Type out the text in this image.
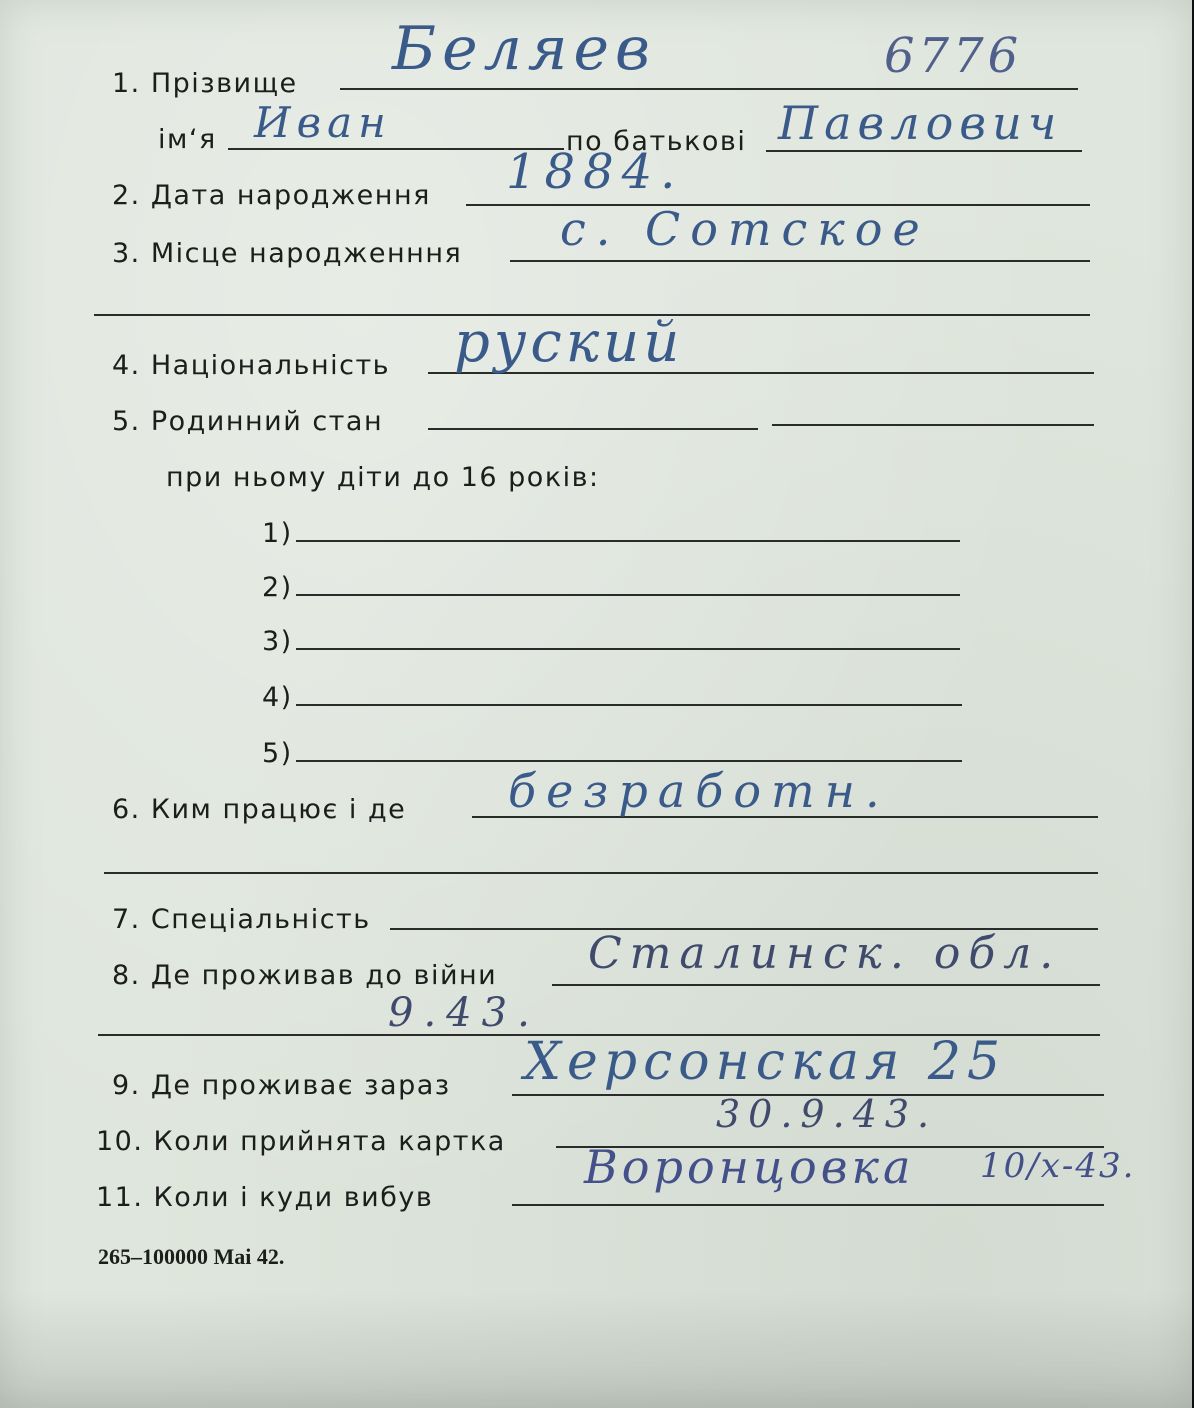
1. Прізвище Беляев	6776
ім‘я Иван	по батькові Павлович
2. Дата народження 1884.
3. Місце народженння с. Сотское
4. Національність руский
5. Родинний стан
при ньому діти до 16 років:
1)
2)
3)
4)
5)
6. Ким працює і де безработн.
7. Спеціальність
8. Де проживав до війни Сталинск. обл.
9.43.
9. Де проживає зараз Херсонская 25
10. Коли прийнята картка
30.9.43.
11. Коли і куди вибув
Воронцовка 10/х-43.
265–100000 Mai 42.
